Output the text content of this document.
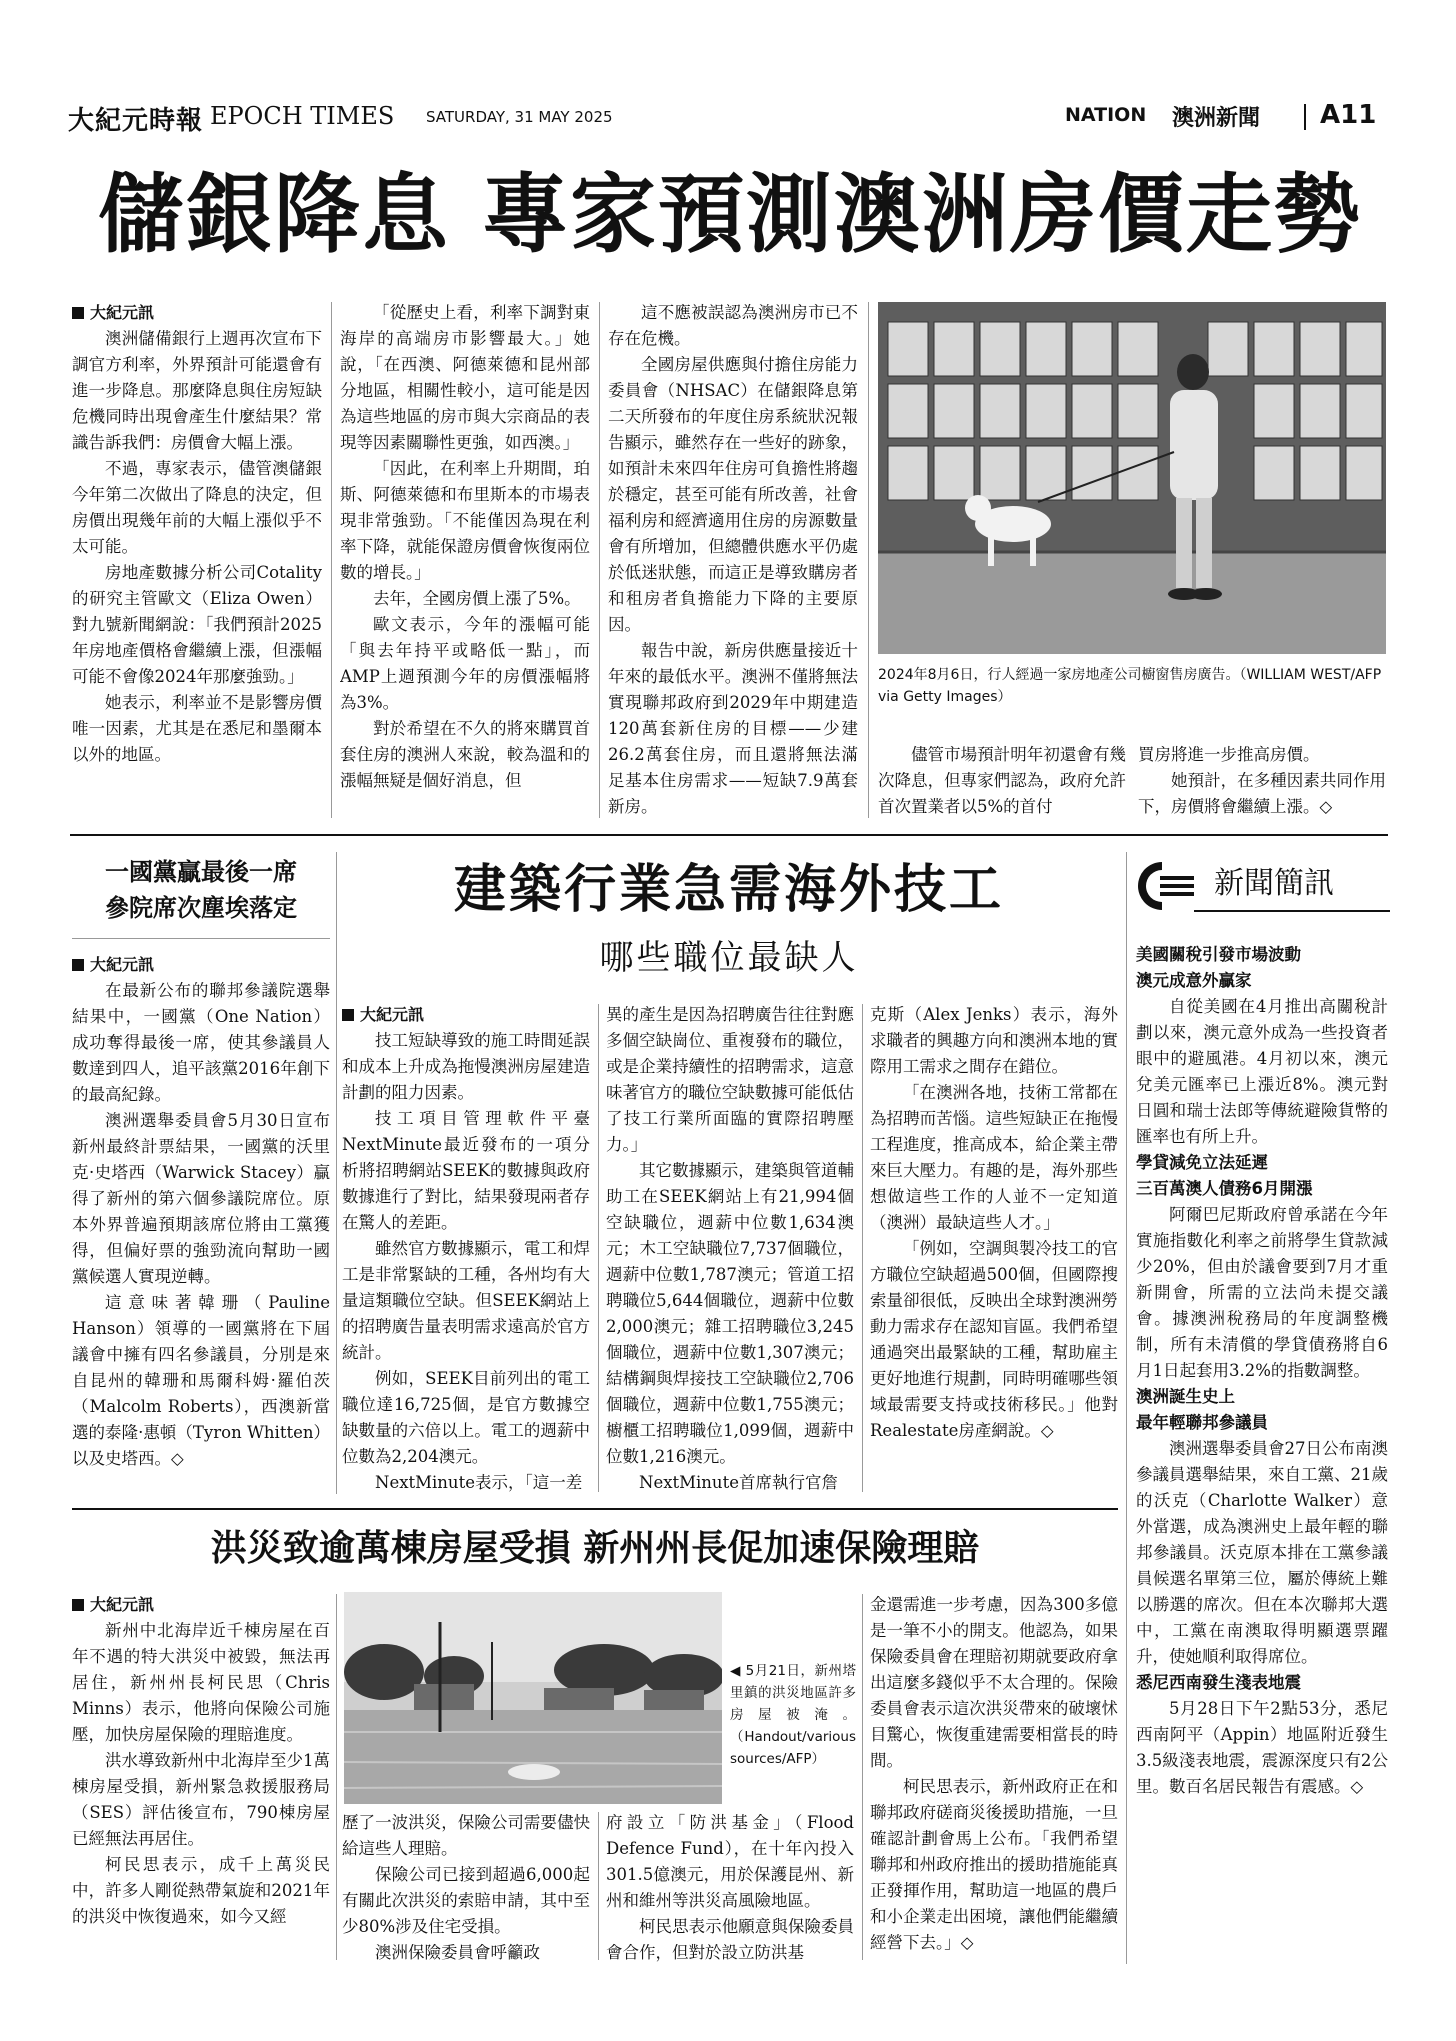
大紀元時報 EPOCH TIMES SATURDAY, 31 MAY 2025	NATION 澳洲新聞 A11
儲銀降息 專家預測澳洲房價走勢
大紀元訊

澳洲儲備銀行上週再次宣布下調官方利率，外界預計可能還會有進一步降息。那麼降息與住房短缺危機同時出現會產生什麼結果？常識告訴我們：房價會大幅上漲。

不過，專家表示，儘管澳儲銀今年第二次做出了降息的決定，但房價出現幾年前的大幅上漲似乎不太可能。

房地產數據分析公司Cotality的研究主管歐文（Eliza Owen）對九號新聞網說：「我們預計2025年房地產價格會繼續上漲，但漲幅可能不會像2024年那麼強勁。」

她表示，利率並不是影響房價唯一因素，尤其是在悉尼和墨爾本以外的地區。

「從歷史上看，利率下調對東海岸的高端房市影響最大。」她說，「在西澳、阿德萊德和昆州部分地區，相關性較小，這可能是因為這些地區的房市與大宗商品的表現等因素關聯性更強，如西澳。」

「因此，在利率上升期間，珀斯、阿德萊德和布里斯本的市場表現非常強勁。「不能僅因為現在利率下降，就能保證房價會恢復兩位數的增長。」

去年，全國房價上漲了5%。

歐文表示，今年的漲幅可能「與去年持平或略低一點」，而AMP上週預測今年的房價漲幅將為3%。

對於希望在不久的將來購買首套住房的澳洲人來說，較為溫和的漲幅無疑是個好消息，但

這不應被誤認為澳洲房市已不存在危機。

全國房屋供應與付擔住房能力委員會（NHSAC）在儲銀降息第二天所發布的年度住房系統狀況報告顯示，雖然存在一些好的跡象，如預計未來四年住房可負擔性將趨於穩定，甚至可能有所改善，社會福利房和經濟適用住房的房源數量會有所增加，但總體供應水平仍處於低迷狀態，而這正是導致購房者和租房者負擔能力下降的主要原因。

報告中說，新房供應量接近十年來的最低水平。澳洲不僅將無法實現聯邦政府到2029年中期建造120萬套新住房的目標——少建26.2萬套住房，而且還將無法滿足基本住房需求——短缺7.9萬套新房。

2024年8月6日，行人經過一家房地產公司櫥窗售房廣告。（WILLIAM WEST/AFP via Getty Images）

儘管市場預計明年初還會有幾次降息，但專家們認為，政府允許首次置業者以5%的首付

買房將進一步推高房價。

她預計，在多種因素共同作用下，房價將會繼續上漲。◇

一國黨贏最後一席
參院席次塵埃落定
大紀元訊

在最新公布的聯邦參議院選舉結果中，一國黨（One Nation）成功奪得最後一席，使其參議員人數達到四人，追平該黨2016年創下的最高紀錄。

澳洲選舉委員會5月30日宣布新州最終計票結果，一國黨的沃里克·史塔西（Warwick Stacey）贏得了新州的第六個參議院席位。原本外界普遍預期該席位將由工黨獲得，但偏好票的強勁流向幫助一國黨候選人實現逆轉。

這意味著韓珊（Pauline Hanson）領導的一國黨將在下屆議會中擁有四名參議員，分別是來自昆州的韓珊和馬爾科姆·羅伯茨（Malcolm Roberts），西澳新當選的泰隆·惠頓（Tyron Whitten）以及史塔西。◇

建築行業急需海外技工
哪些職位最缺人
大紀元訊

技工短缺導致的施工時間延誤和成本上升成為拖慢澳洲房屋建造計劃的阻力因素。

技工項目管理軟件平臺NextMinute最近發布的一項分析將招聘網站SEEK的數據與政府數據進行了對比，結果發現兩者存在驚人的差距。

雖然官方數據顯示，電工和焊工是非常緊缺的工種，各州均有大量這類職位空缺。但SEEK網站上的招聘廣告量表明需求遠高於官方統計。

例如，SEEK目前列出的電工職位達16,725個，是官方數據空缺數量的六倍以上。電工的週薪中位數為2,204澳元。

NextMinute表示，「這一差

異的產生是因為招聘廣告往往對應多個空缺崗位、重複發布的職位，或是企業持續性的招聘需求，這意味著官方的職位空缺數據可能低估了技工行業所面臨的實際招聘壓力。」

其它數據顯示，建築與管道輔助工在SEEK網站上有21,994個空缺職位，週薪中位數1,634澳元；木工空缺職位7,737個職位，週薪中位數1,787澳元；管道工招聘職位5,644個職位，週薪中位數2,000澳元；雜工招聘職位3,245個職位，週薪中位數1,307澳元；結構鋼與焊接技工空缺職位2,706個職位，週薪中位數1,755澳元；櫥櫃工招聘職位1,099個，週薪中位數1,216澳元。

NextMinute首席執行官詹

克斯（Alex Jenks）表示，海外求職者的興趣方向和澳洲本地的實際用工需求之間存在錯位。

「在澳洲各地，技術工常都在為招聘而苦惱。這些短缺正在拖慢工程進度，推高成本，給企業主帶來巨大壓力。有趣的是，海外那些想做這些工作的人並不一定知道（澳洲）最缺這些人才。」

「例如，空調與製冷技工的官方職位空缺超過500個，但國際搜索量卻很低，反映出全球對澳洲勞動力需求存在認知盲區。我們希望通過突出最緊缺的工種，幫助雇主更好地進行規劃，同時明確哪些領域最需要支持或技術移民。」他對Realestate房產網說。◇

洪災致逾萬棟房屋受損 新州州長促加速保險理賠
大紀元訊

新州中北海岸近千棟房屋在百年不遇的特大洪災中被毀，無法再居住，新州州長柯民思（Chris Minns）表示，他將向保險公司施壓，加快房屋保險的理賠進度。

洪水導致新州中北海岸至少1萬棟房屋受損，新州緊急救援服務局（SES）評估後宣布，790棟房屋已經無法再居住。

柯民思表示，成千上萬災民中，許多人剛從熱帶氣旋和2021年的洪災中恢復過來，如今又經

◀ 5月21日，新州塔里鎮的洪災地區許多房屋被淹。（Handout/various sources/AFP）

歷了一波洪災，保險公司需要儘快給這些人理賠。

保險公司已接到超過6,000起有關此次洪災的索賠申請，其中至少80%涉及住宅受損。

澳洲保險委員會呼籲政

府設立「防洪基金」（Flood Defence Fund），在十年內投入301.5億澳元，用於保護昆州、新州和維州等洪災高風險地區。

柯民思表示他願意與保險委員會合作，但對於設立防洪基

金還需進一步考慮，因為300多億是一筆不小的開支。他認為，如果保險委員會在理賠初期就要政府拿出這麼多錢似乎不太合理的。保險委員會表示這次洪災帶來的破壞怵目驚心，恢復重建需要相當長的時間。

柯民思表示，新州政府正在和聯邦政府磋商災後援助措施，一旦確認計劃會馬上公布。「我們希望聯邦和州政府推出的援助措施能真正發揮作用，幫助這一地區的農戶和小企業走出困境，讓他們能繼續經營下去。」◇

新聞簡訊
美國關稅引發市場波動
澳元成意外贏家

自從美國在4月推出高關稅計劃以來，澳元意外成為一些投資者眼中的避風港。4月初以來，澳元兌美元匯率已上漲近8%。澳元對日圓和瑞士法郎等傳統避險貨幣的匯率也有所上升。

學貸減免立法延遲
三百萬澳人債務6月開漲

阿爾巴尼斯政府曾承諾在今年實施指數化利率之前將學生貸款減少20%，但由於議會要到7月才重新開會，所需的立法尚未提交議會。據澳洲稅務局的年度調整機制，所有未清償的學貸債務將自6月1日起套用3.2%的指數調整。

澳洲誕生史上
最年輕聯邦參議員

澳洲選舉委員會27日公布南澳參議員選舉結果，來自工黨、21歲的沃克（Charlotte Walker）意外當選，成為澳洲史上最年輕的聯邦參議員。沃克原本排在工黨參議員候選名單第三位，屬於傳統上難以勝選的席次。但在本次聯邦大選中，工黨在南澳取得明顯選票躍升，使她順利取得席位。

悉尼西南發生淺表地震

5月28日下午2點53分，悉尼西南阿平（Appin）地區附近發生3.5級淺表地震，震源深度只有2公里。數百名居民報告有震感。◇
